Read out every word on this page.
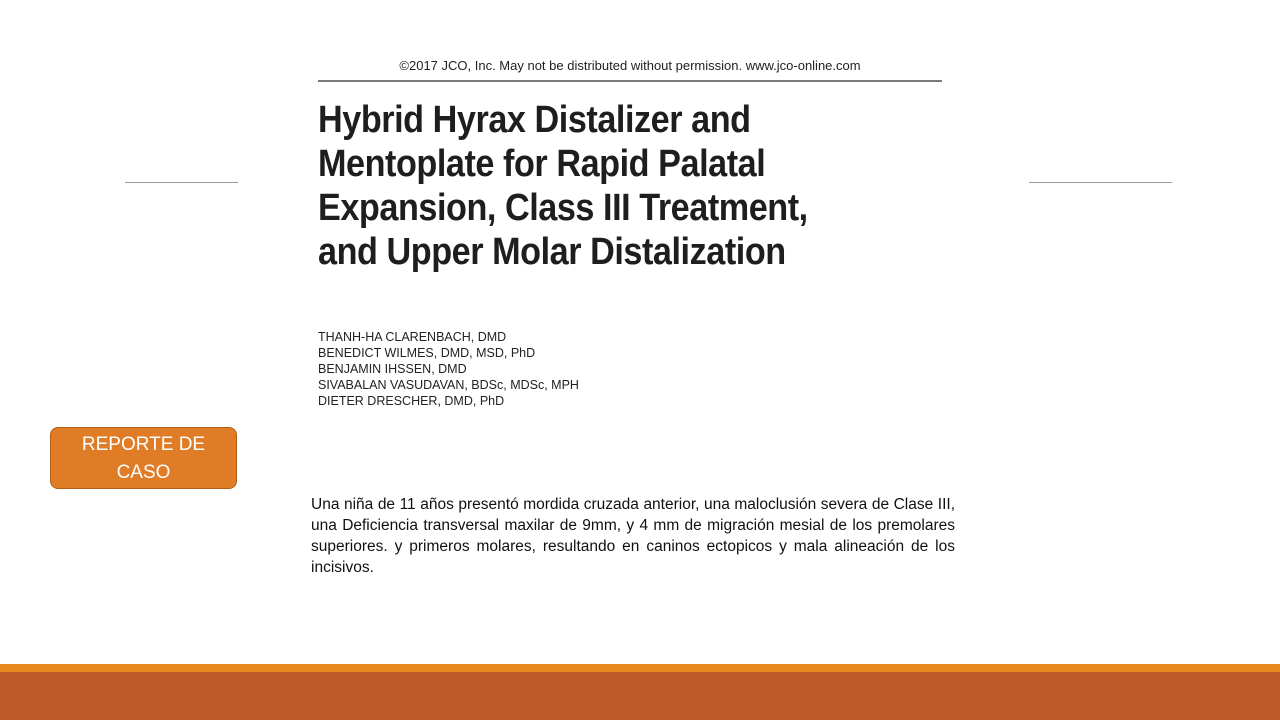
©2017 JCO, Inc. May not be distributed without permission. www.jco-online.com
Hybrid Hyrax Distalizer and
Mentoplate for Rapid Palatal
Expansion, Class III Treatment,
and Upper Molar Distalization
THANH-HA CLARENBACH, DMD
BENEDICT WILMES, DMD, MSD, PhD
BENJAMIN IHSSEN, DMD
SIVABALAN VASUDAVAN, BDSc, MDSc, MPH
DIETER DRESCHER, DMD, PhD
REPORTE DE
CASO

Una niña de 11 años presentó mordida cruzada anterior, una maloclusión severa de Clase III, una Deficiencia transversal maxilar de 9mm, y 4 mm de migración mesial de los premolares superiores. y primeros molares, resultando en caninos ectopicos y mala alineación de los incisivos.
